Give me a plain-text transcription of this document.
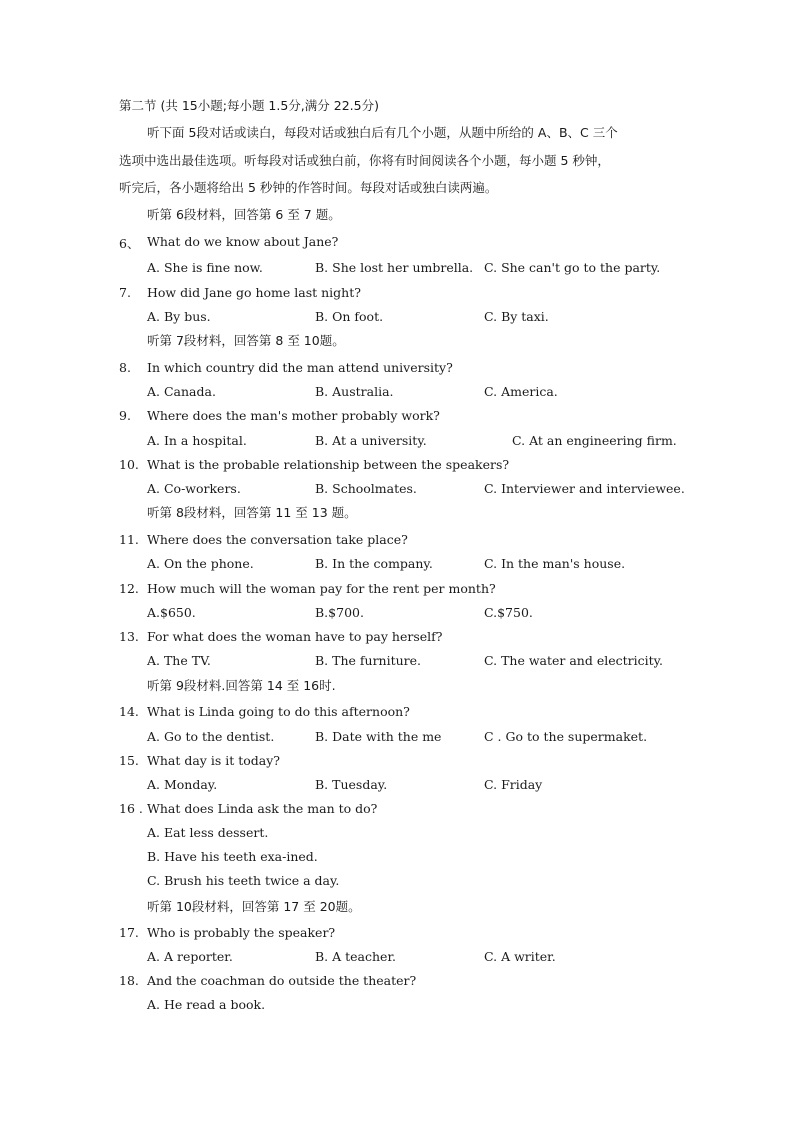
第二节 (共 15小题;每小题 1.5分,满分 22.5分)
听下面 5段对话或读白，每段对话或独白后有几个小题，从题中所给的 A、B、C 三个
选项中选出最佳选项。听每段对话或独白前，你将有时间阅读各个小题，每小题 5 秒钟，
听完后，各小题将给出 5 秒钟的作答时间。每段对话或独白读两遍。
听第 6段材料，回答第 6 至 7 题。
6、 What do we know about Jane?
A. She is fine now.	B. She lost her umbrella. C. She can't go to the party.
7. How did Jane go home last night?
A. By bus.	B. On foot.	C. By taxi.
听第 7段材料，回答第 8 至 10题。
8. In which country did the man attend university?
A. Canada.	B. Australia.	C. America.
9. Where does the man's mother probably work?
A. In a hospital.	B. At a university.	C. At an engineering firm.
10. What is the probable relationship between the speakers?
A. Co-workers.	B. Schoolmates.	C. Interviewer and interviewee.
听第 8段材料，回答第 11 至 13 题。
11. Where does the conversation take place?
A. On the phone.	B. In the company.	C. In the man's house.
12. How much will the woman pay for the rent per month?
A.$650.	B.$700.	C.$750.
13. For what does the woman have to pay herself?
A. The TV.	B. The furniture.	C. The water and electricity.
听第 9段材料.回答第 14 至 16时.
14. What is Linda going to do this afternoon?
A. Go to the dentist.	B. Date with the me	C . Go to the supermaket.
15. What day is it today?
A. Monday.	B. Tuesday.	C. Friday
16 . What does Linda ask the man to do?
A. Eat less dessert.
B. Have his teeth exa-ined.
C. Brush his teeth twice a day.
听第 10段材料，回答第 17 至 20题。
17. Who is probably the speaker?
A. A reporter.	B. A teacher.	C. A writer.
18. And the coachman do outside the theater?
A. He read a book.
